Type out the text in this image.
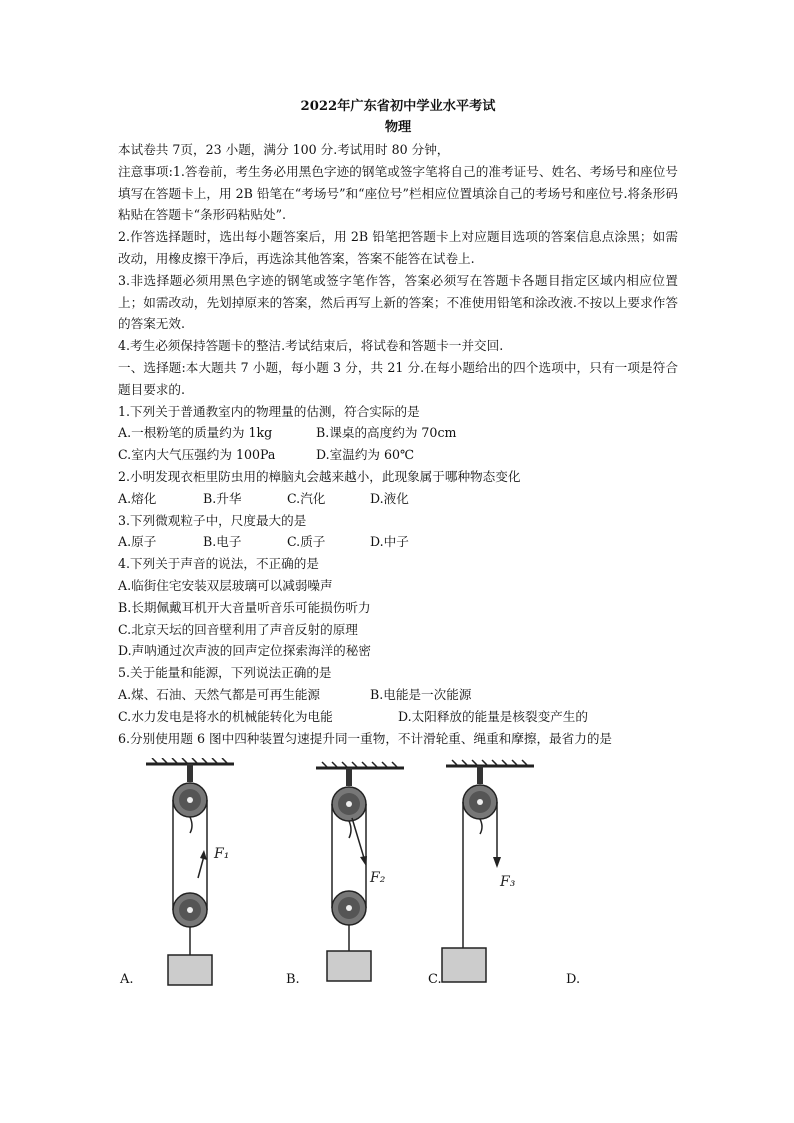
2022年广东省初中学业水平考试
物理
本试卷共 7页，23 小题，满分 100 分.考试用时 80 分钟，
注意事项:1.答卷前，考生务必用黑色字迹的钢笔或签字笔将自己的准考证号、姓名、考场号和座位号填写在答题卡上，用 2B 铅笔在“考场号”和“座位号”栏相应位置填涂自己的考场号和座位号.将条形码粘贴在答题卡“条形码粘贴处”.
2.作答选择题时，选出每小题答案后，用 2B 铅笔把答题卡上对应题目选项的答案信息点涂黑；如需改动，用橡皮擦干净后，再选涂其他答案，答案不能答在试卷上.
3.非选择题必须用黑色字迹的钢笔或签字笔作答，答案必须写在答题卡各题目指定区域内相应位置上；如需改动，先划掉原来的答案，然后再写上新的答案；不准使用铅笔和涂改液.不按以上要求作答的答案无效.
4.考生必须保持答题卡的整洁.考试结束后，将试卷和答题卡一并交回.
一、选择题:本大题共 7 小题，每小题 3 分，共 21 分.在每小题给出的四个选项中，只有一项是符合题目要求的.
1.下列关于普通教室内的物理量的估测，符合实际的是
A.一根粉笔的质量约为 1kg	B.课桌的高度约为 70cm
C.室内大气压强约为 100Pa	D.室温约为 60℃
2.小明发现衣柜里防虫用的樟脑丸会越来越小，此现象属于哪种物态变化
A.熔化	B.升华	C.汽化	D.液化
3.下列微观粒子中，尺度最大的是
A.原子	B.电子	C.质子	D.中子
4.下列关于声音的说法，不正确的是
A.临街住宅安装双层玻璃可以减弱噪声
B.长期佩戴耳机开大音量听音乐可能损伤听力
C.北京天坛的回音壁利用了声音反射的原理
D.声呐通过次声波的回声定位探索海洋的秘密
5.关于能量和能源，下列说法正确的是
A.煤、石油、天然气都是可再生能源	B.电能是一次能源
C.水力发电是将水的机械能转化为电能	D.太阳释放的能量是核裂变产生的
6.分别使用题 6 图中四种装置匀速提升同一重物，不计滑轮重、绳重和摩擦，最省力的是
F₁
F₂	F₃
A.	B.	C.	D.
